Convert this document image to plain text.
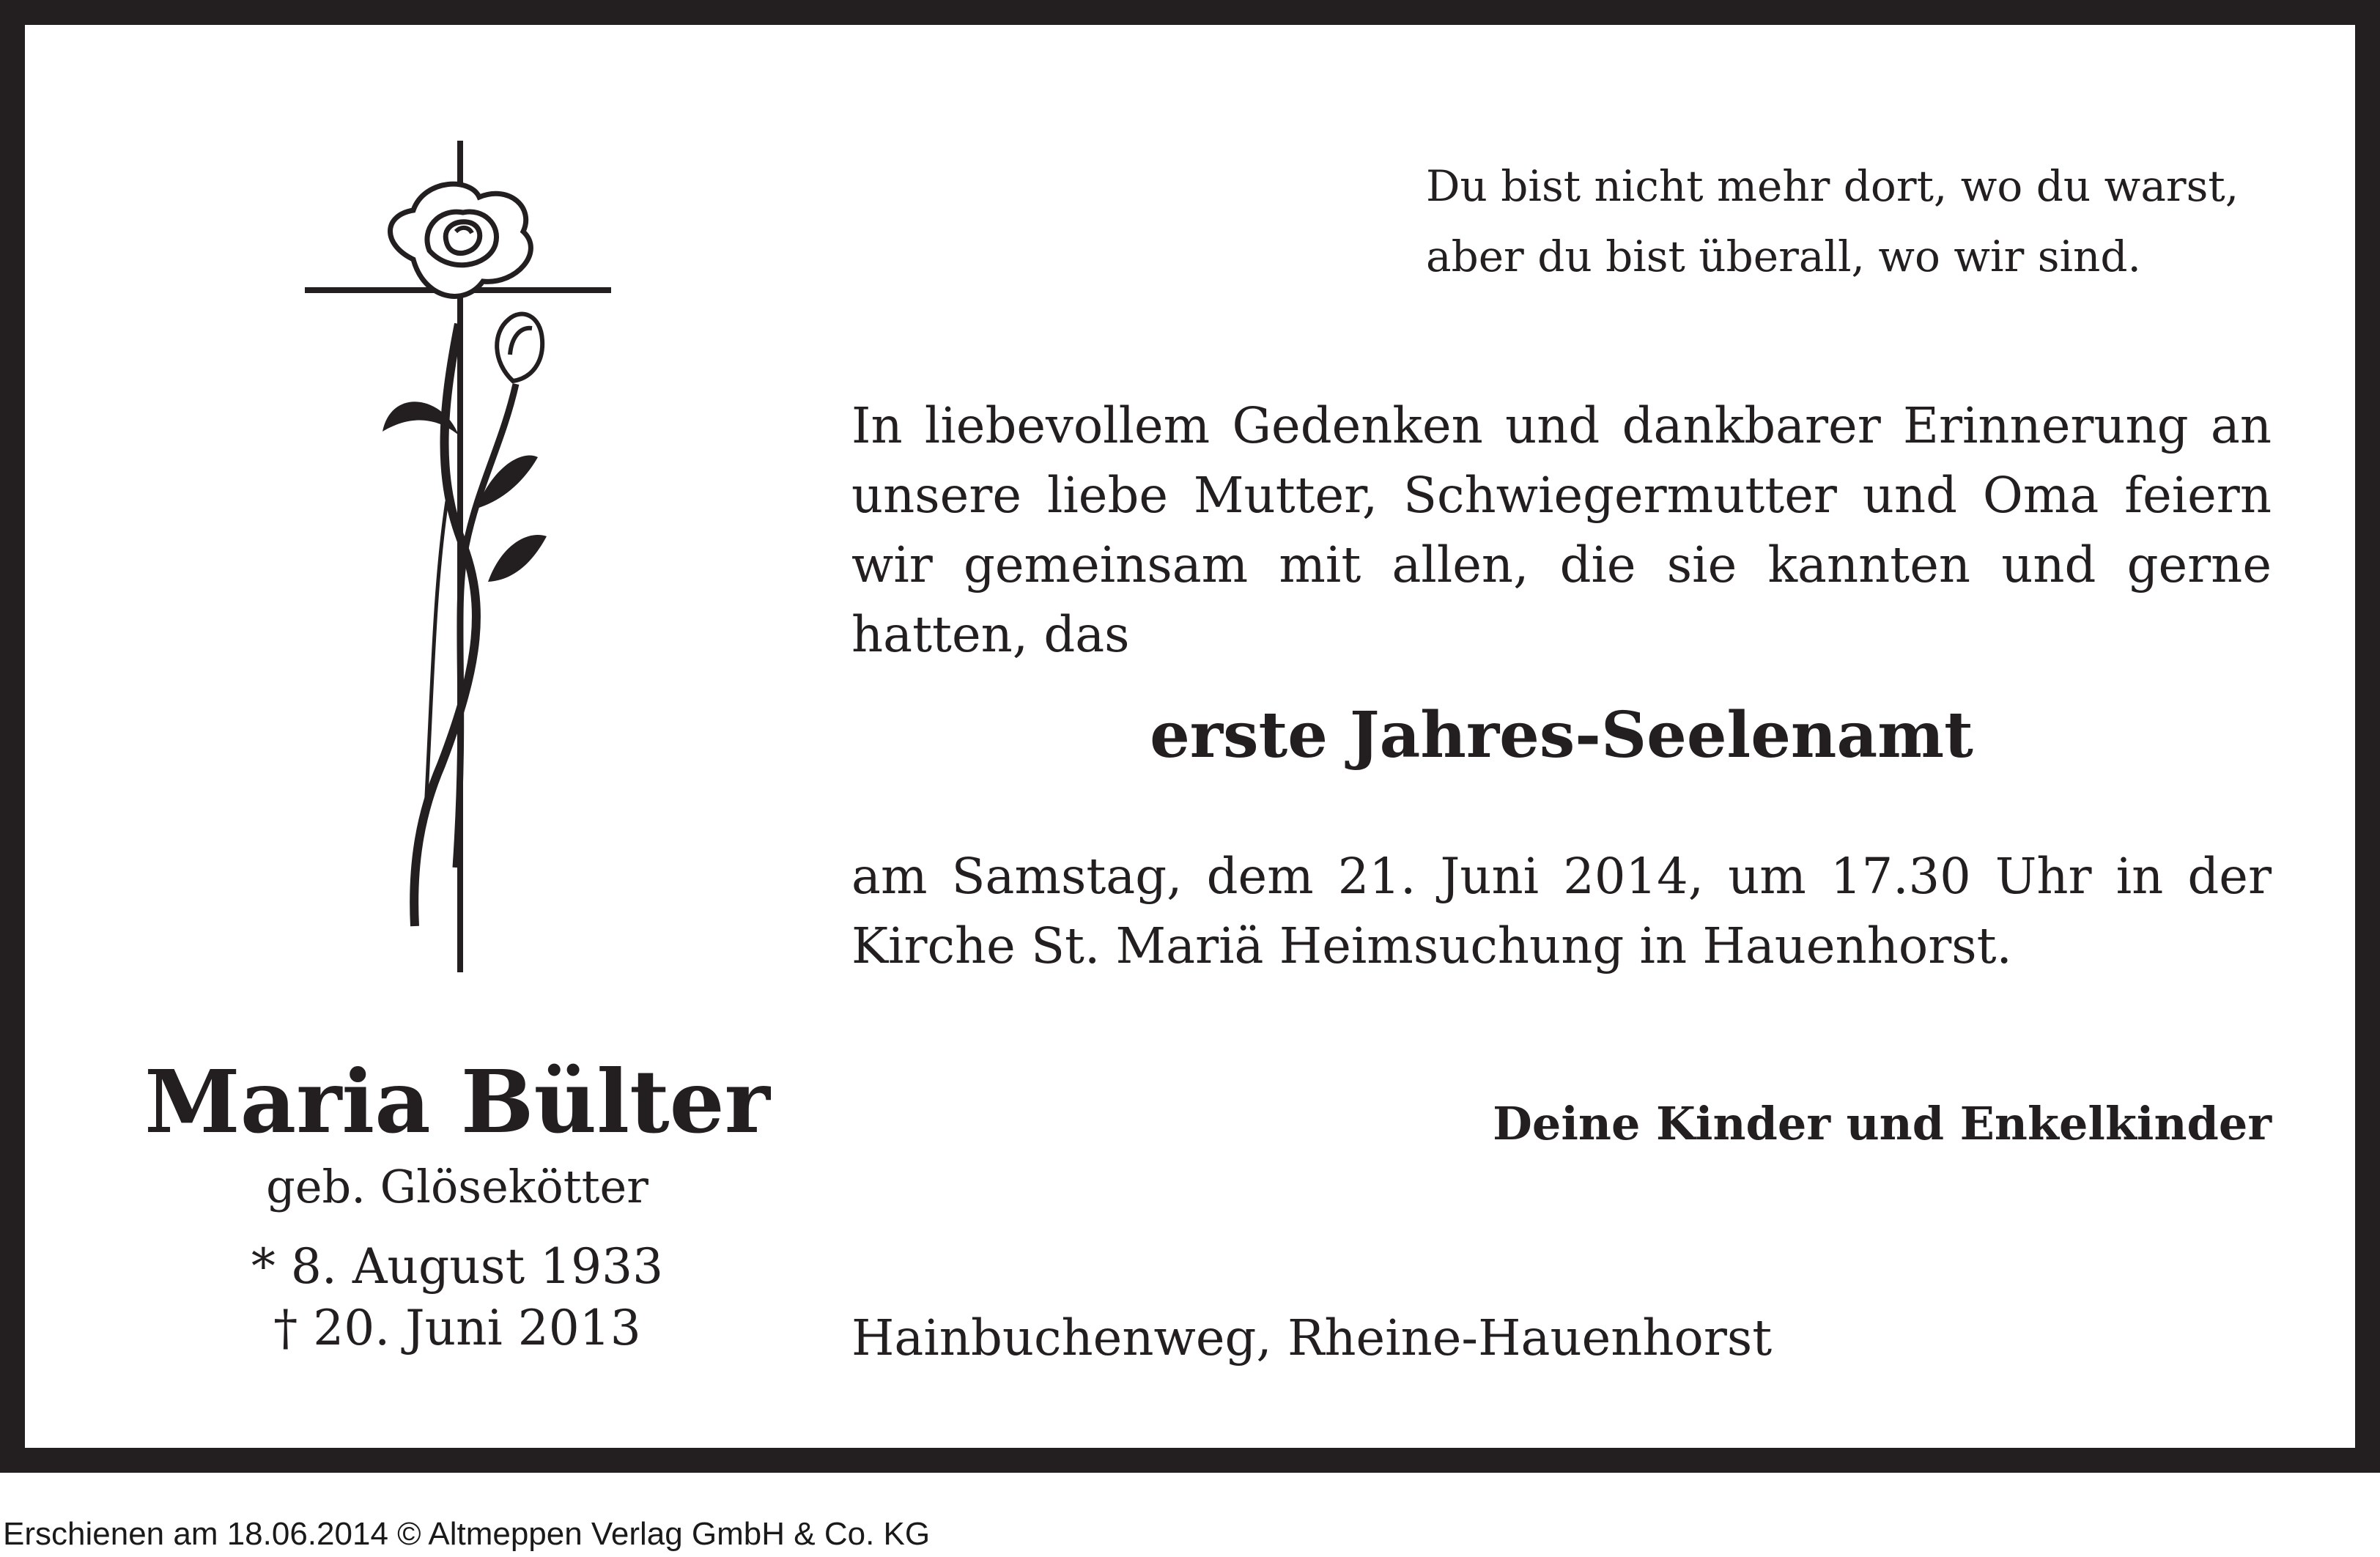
Du bist nicht mehr dort, wo du warst,
aber du bist überall, wo wir sind.
In liebevollem Gedenken und dankbarer Erinnerung an unsere liebe Mutter, Schwiegermutter und Oma feiern wir gemeinsam mit allen, die sie kannten und gerne hatten, das
erste Jahres-Seelenamt
am Samstag, dem 21. Juni 2014, um 17.30 Uhr in der Kirche St. Mariä Heimsuchung in Hauenhorst.
Deine Kinder und Enkelkinder
Maria Bülter
geb. Glösekötter
* 8. August 1933
† 20. Juni 2013	Hainbuchenweg, Rheine-Hauenhorst
Erschienen am 18.06.2014 © Altmeppen Verlag GmbH & Co. KG
